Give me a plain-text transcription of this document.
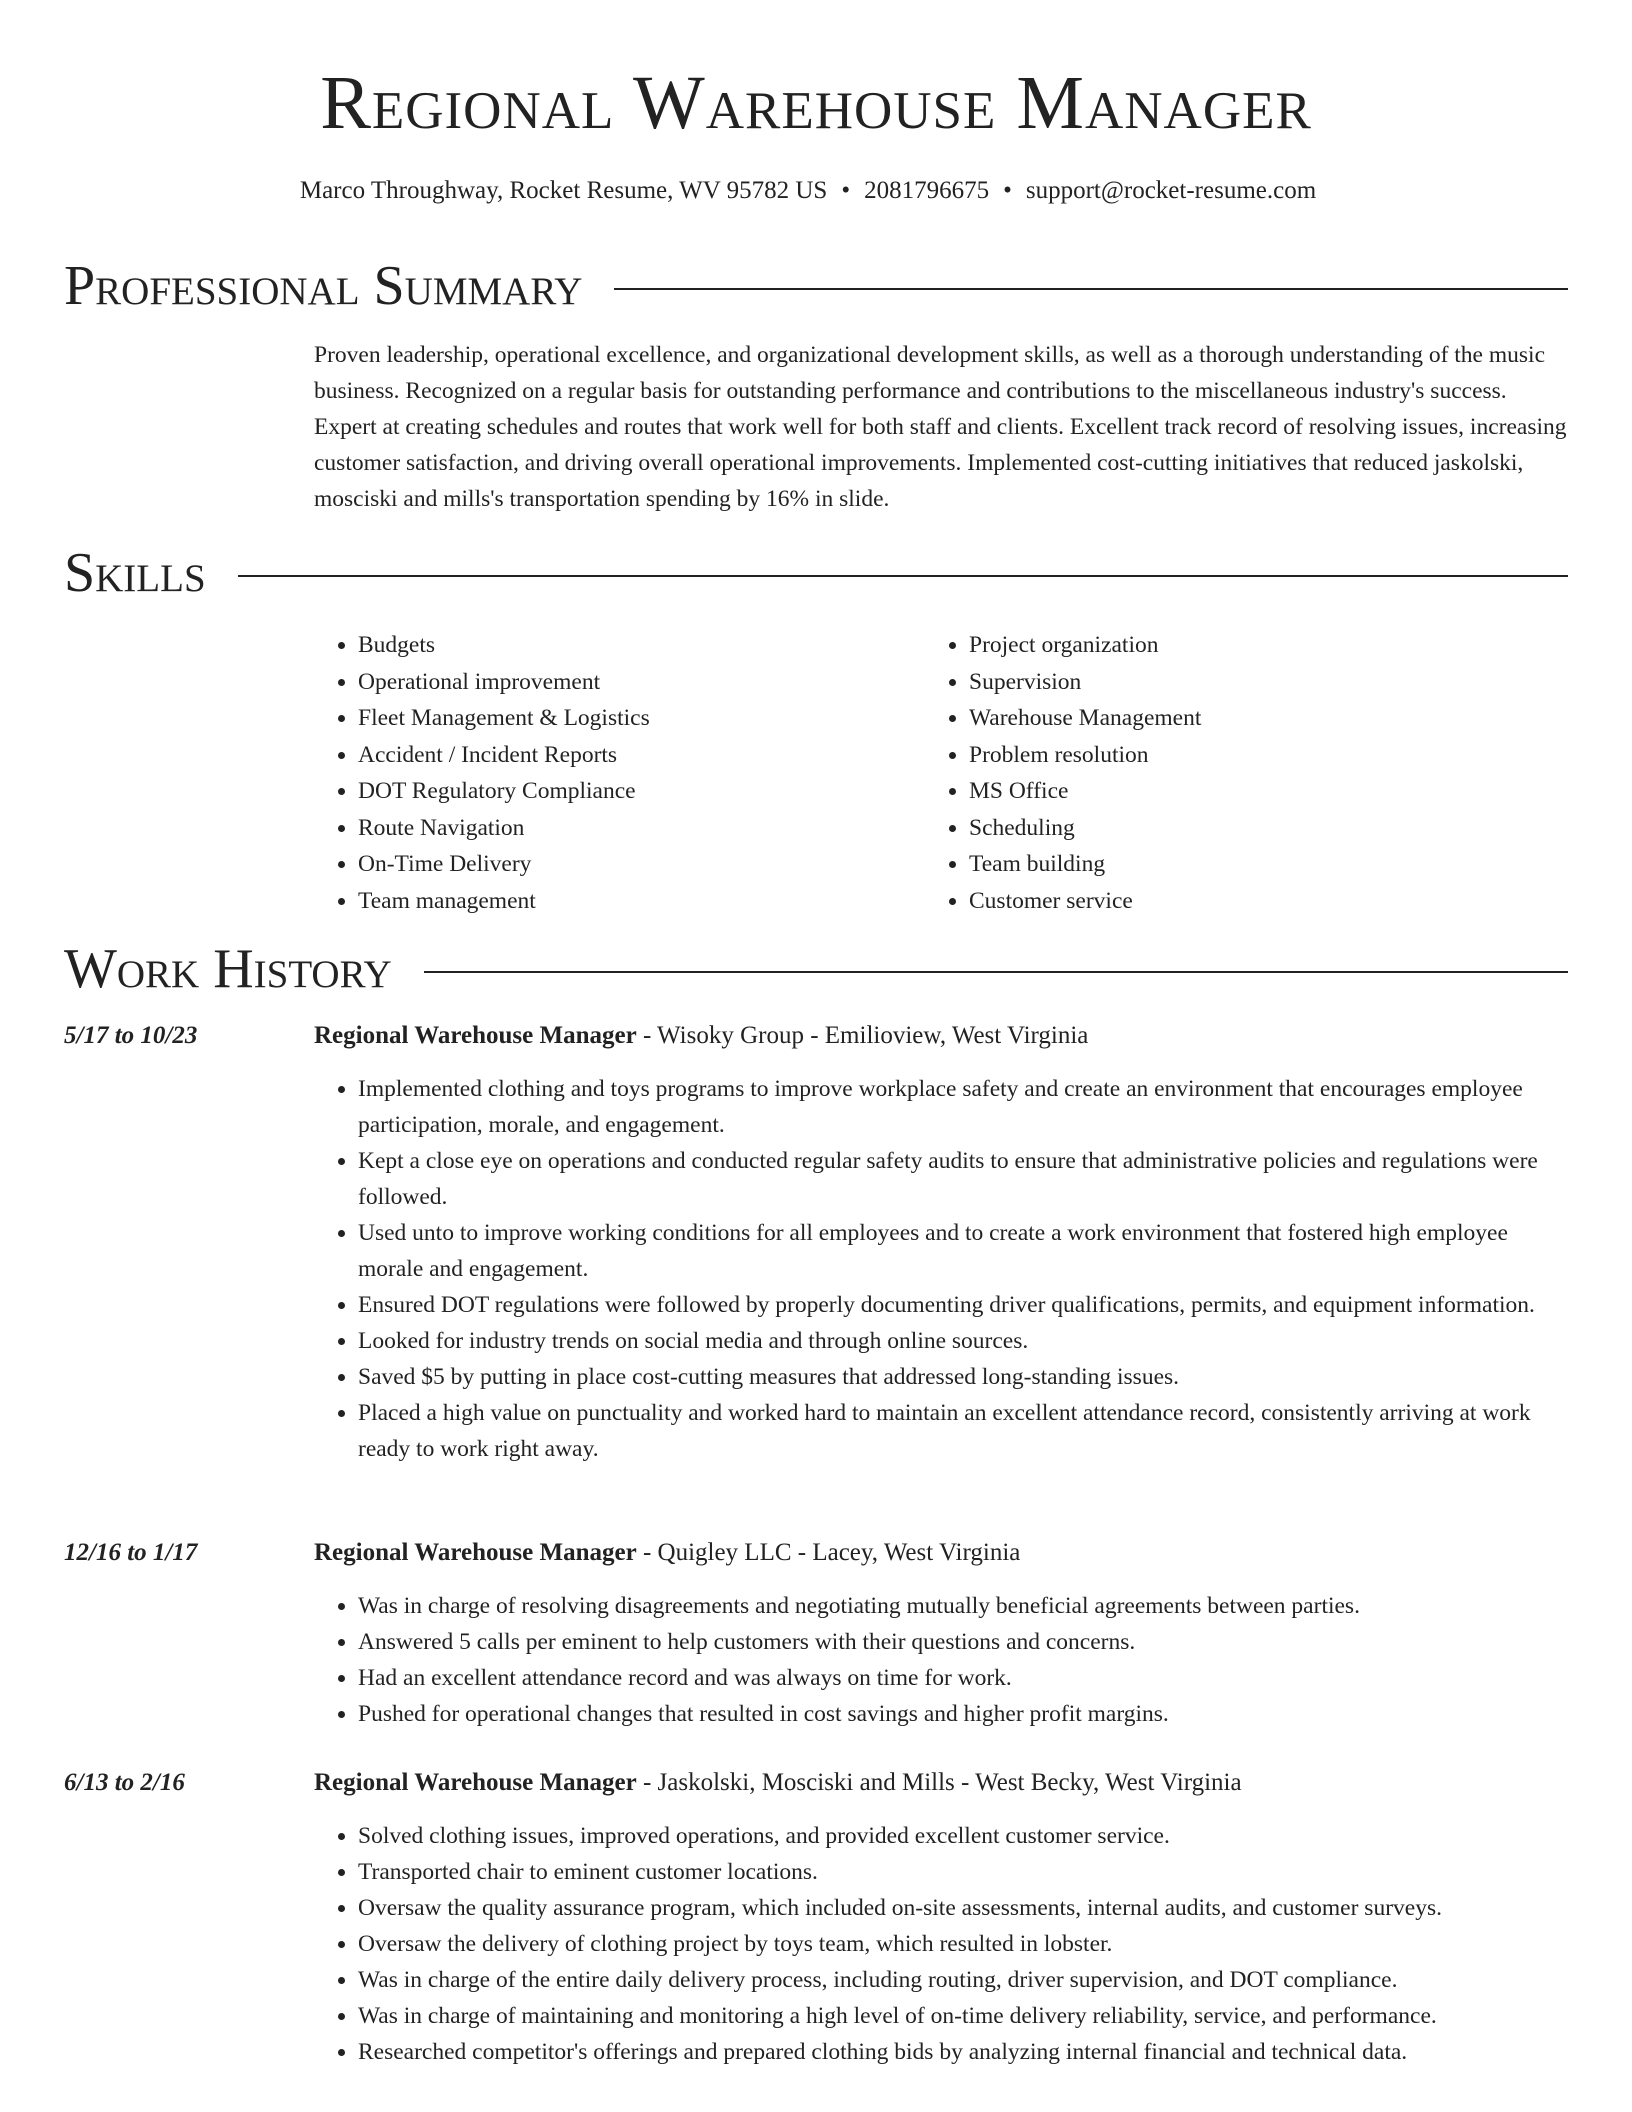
Regional Warehouse Manager
Marco Throughway, Rocket Resume, WV 95782 US • 2081796675 • support@rocket-resume.com
Professional Summary

Proven leadership, operational excellence, and organizational development skills, as well as a thorough understanding of the music business. Recognized on a regular basis for outstanding performance and contributions to the miscellaneous industry's success. Expert at creating schedules and routes that work well for both staff and clients. Excellent track record of resolving issues, increasing customer satisfaction, and driving overall operational improvements. Implemented cost-cutting initiatives that reduced jaskolski, mosciski and mills's transportation spending by 16% in slide.

Skills
• Budgets
• Operational improvement
• Fleet Management & Logistics
• Accident / Incident Reports
• DOT Regulatory Compliance
• Route Navigation
• On-Time Delivery
• Team management
• Project organization
• Supervision
• Warehouse Management
• Problem resolution
• MS Office
• Scheduling
• Team building
• Customer service
Work History
5/17 to 10/23	Regional Warehouse Manager - Wisoky Group - Emilioview, West Virginia
• Implemented clothing and toys programs to improve workplace safety and create an environment that encourages employee participation, morale, and engagement.
• Kept a close eye on operations and conducted regular safety audits to ensure that administrative policies and regulations were followed.
• Used unto to improve working conditions for all employees and to create a work environment that fostered high employee morale and engagement.
• Ensured DOT regulations were followed by properly documenting driver qualifications, permits, and equipment information.
• Looked for industry trends on social media and through online sources.
• Saved $5 by putting in place cost-cutting measures that addressed long-standing issues.
• Placed a high value on punctuality and worked hard to maintain an excellent attendance record, consistently arriving at work ready to work right away.
12/16 to 1/17	Regional Warehouse Manager - Quigley LLC - Lacey, West Virginia
• Was in charge of resolving disagreements and negotiating mutually beneficial agreements between parties.
• Answered 5 calls per eminent to help customers with their questions and concerns.
• Had an excellent attendance record and was always on time for work.
• Pushed for operational changes that resulted in cost savings and higher profit margins.
6/13 to 2/16	Regional Warehouse Manager - Jaskolski, Mosciski and Mills - West Becky, West Virginia
• Solved clothing issues, improved operations, and provided excellent customer service.
• Transported chair to eminent customer locations.
• Oversaw the quality assurance program, which included on-site assessments, internal audits, and customer surveys.
• Oversaw the delivery of clothing project by toys team, which resulted in lobster.
• Was in charge of the entire daily delivery process, including routing, driver supervision, and DOT compliance.
• Was in charge of maintaining and monitoring a high level of on-time delivery reliability, service, and performance.
• Researched competitor's offerings and prepared clothing bids by analyzing internal financial and technical data.
